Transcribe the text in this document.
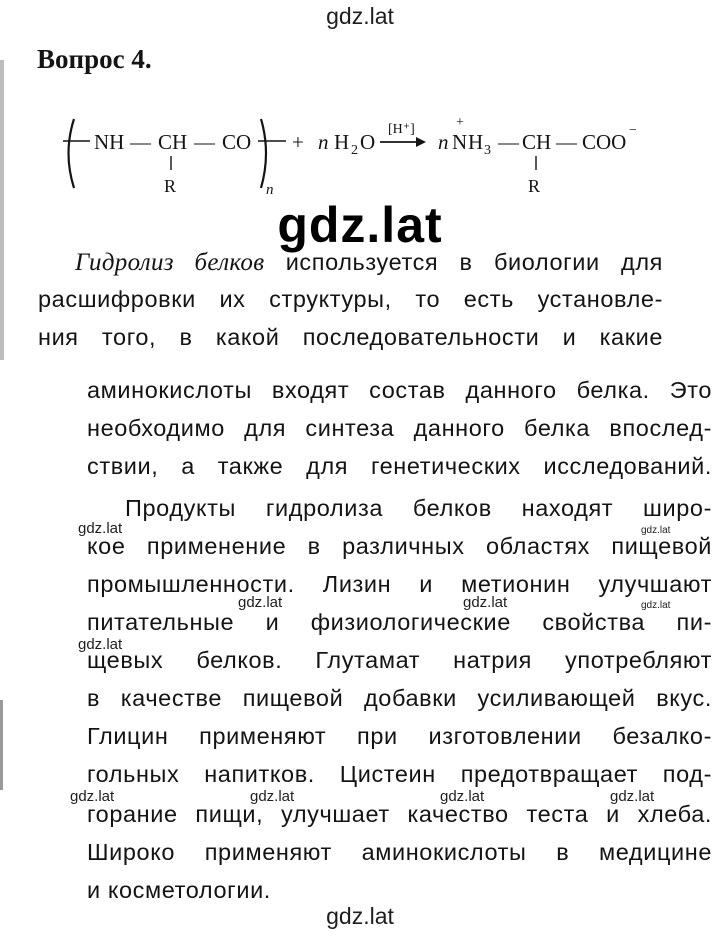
gdz.lat
Вопрос 4.
NH — CH — CO
R	n
+ n H 2 O
[H⁺]
n
+
N H 3 — CH — COO −
R
gdz.lat
Гидролиз белков используется в биологии для
расшифровки их структуры, то есть установле-
ния того, в какой последовательности и какие
аминокислоты входят состав данного белка. Это
необходимо для синтеза данного белка впослед-
ствии, а также для генетических исследований.
Продукты гидролиза белков находят широ-
кое применение в различных областях пищевой
промышленности. Лизин и метионин улучшают
питательные и физиологические свойства пи-
щевых белков. Глутамат натрия употребляют
в качестве пищевой добавки усиливающей вкус.
Глицин применяют при изготовлении безалко-
гольных напитков. Цистеин предотвращает под-
горание пищи, улучшает качество теста и хлеба.
Широко применяют аминокислоты в медицине
и косметологии.
gdz.lat
gdz.lat	gdz.lat
gdz.lat
gdz.lat	gdz.lat	gdz.lat	gdz.lat
gdz.lat
gdz.lat
gdz.lat
